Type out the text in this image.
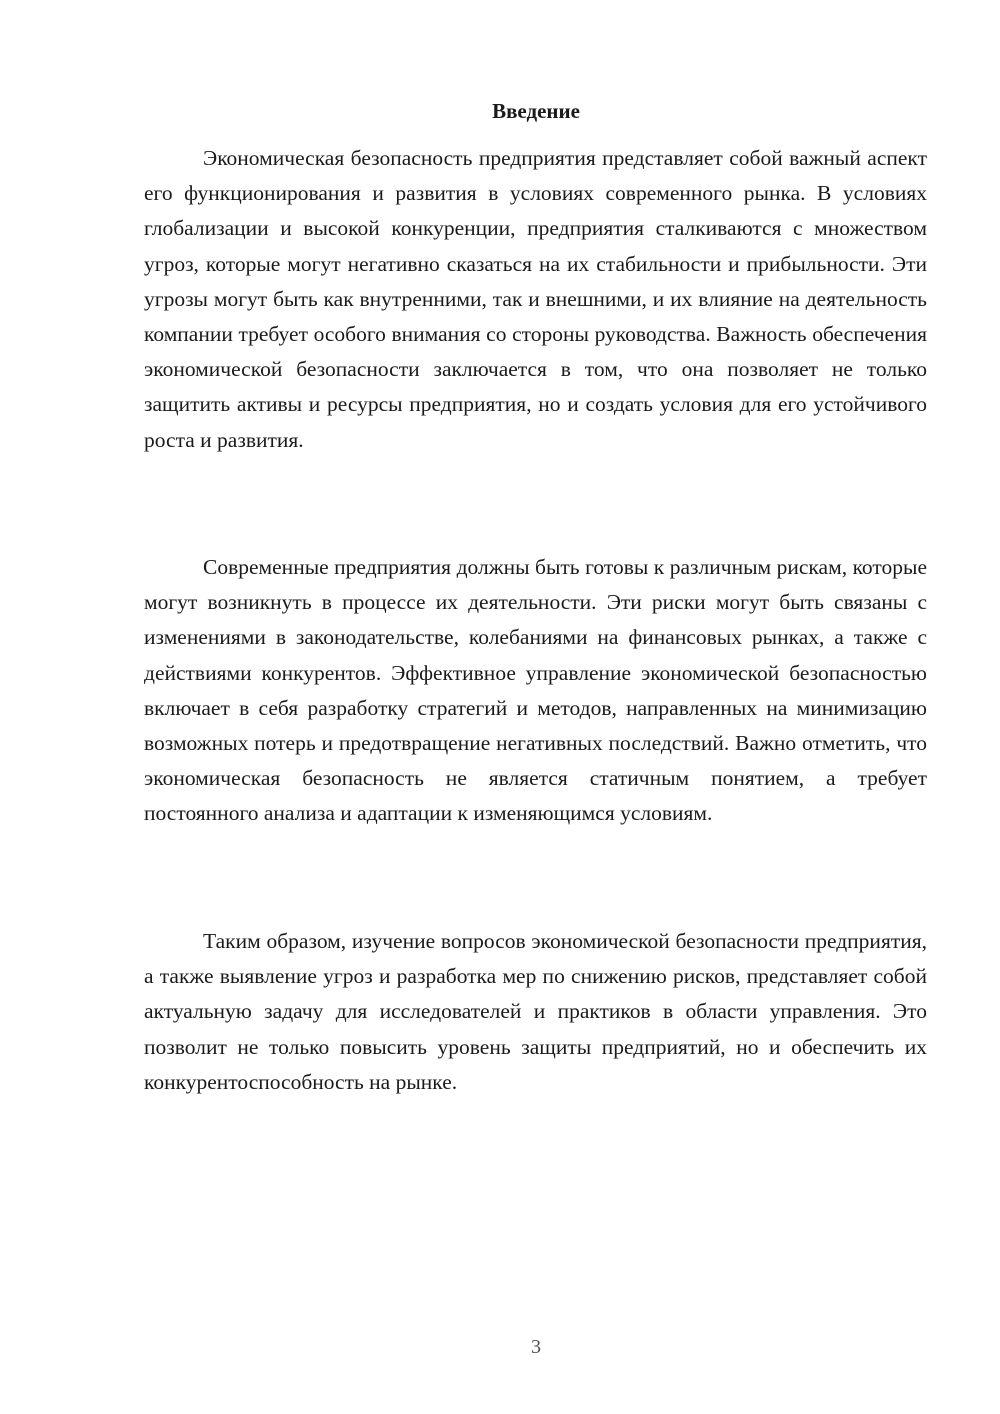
Введение

Экономическая безопасность предприятия представляет собой важный аспект его функционирования и развития в условиях современного рынка. В условиях глобализации и высокой конкуренции, предприятия сталкиваются с множеством угроз, которые могут негативно сказаться на их стабильности и прибыльности. Эти угрозы могут быть как внутренними, так и внешними, и их влияние на деятельность компании требует особого внимания со стороны руководства. Важность обеспечения экономической безопасности заключается в том, что она позволяет не только защитить активы и ресурсы предприятия, но и создать условия для его устойчивого роста и развития.

Современные предприятия должны быть готовы к различным рискам, которые могут возникнуть в процессе их деятельности. Эти риски могут быть связаны с изменениями в законодательстве, колебаниями на финансовых рынках, а также с действиями конкурентов. Эффективное управление экономической безопасностью включает в себя разработку стратегий и методов, направленных на минимизацию возможных потерь и предотвращение негативных последствий. Важно отметить, что экономическая безопасность не является статичным понятием, а требует постоянного анализа и адаптации к изменяющимся условиям.

Таким образом, изучение вопросов экономической безопасности предприятия, а также выявление угроз и разработка мер по снижению рисков, представляет собой актуальную задачу для исследователей и практиков в области управления. Это позволит не только повысить уровень защиты предприятий, но и обеспечить их конкурентоспособность на рынке.

3
